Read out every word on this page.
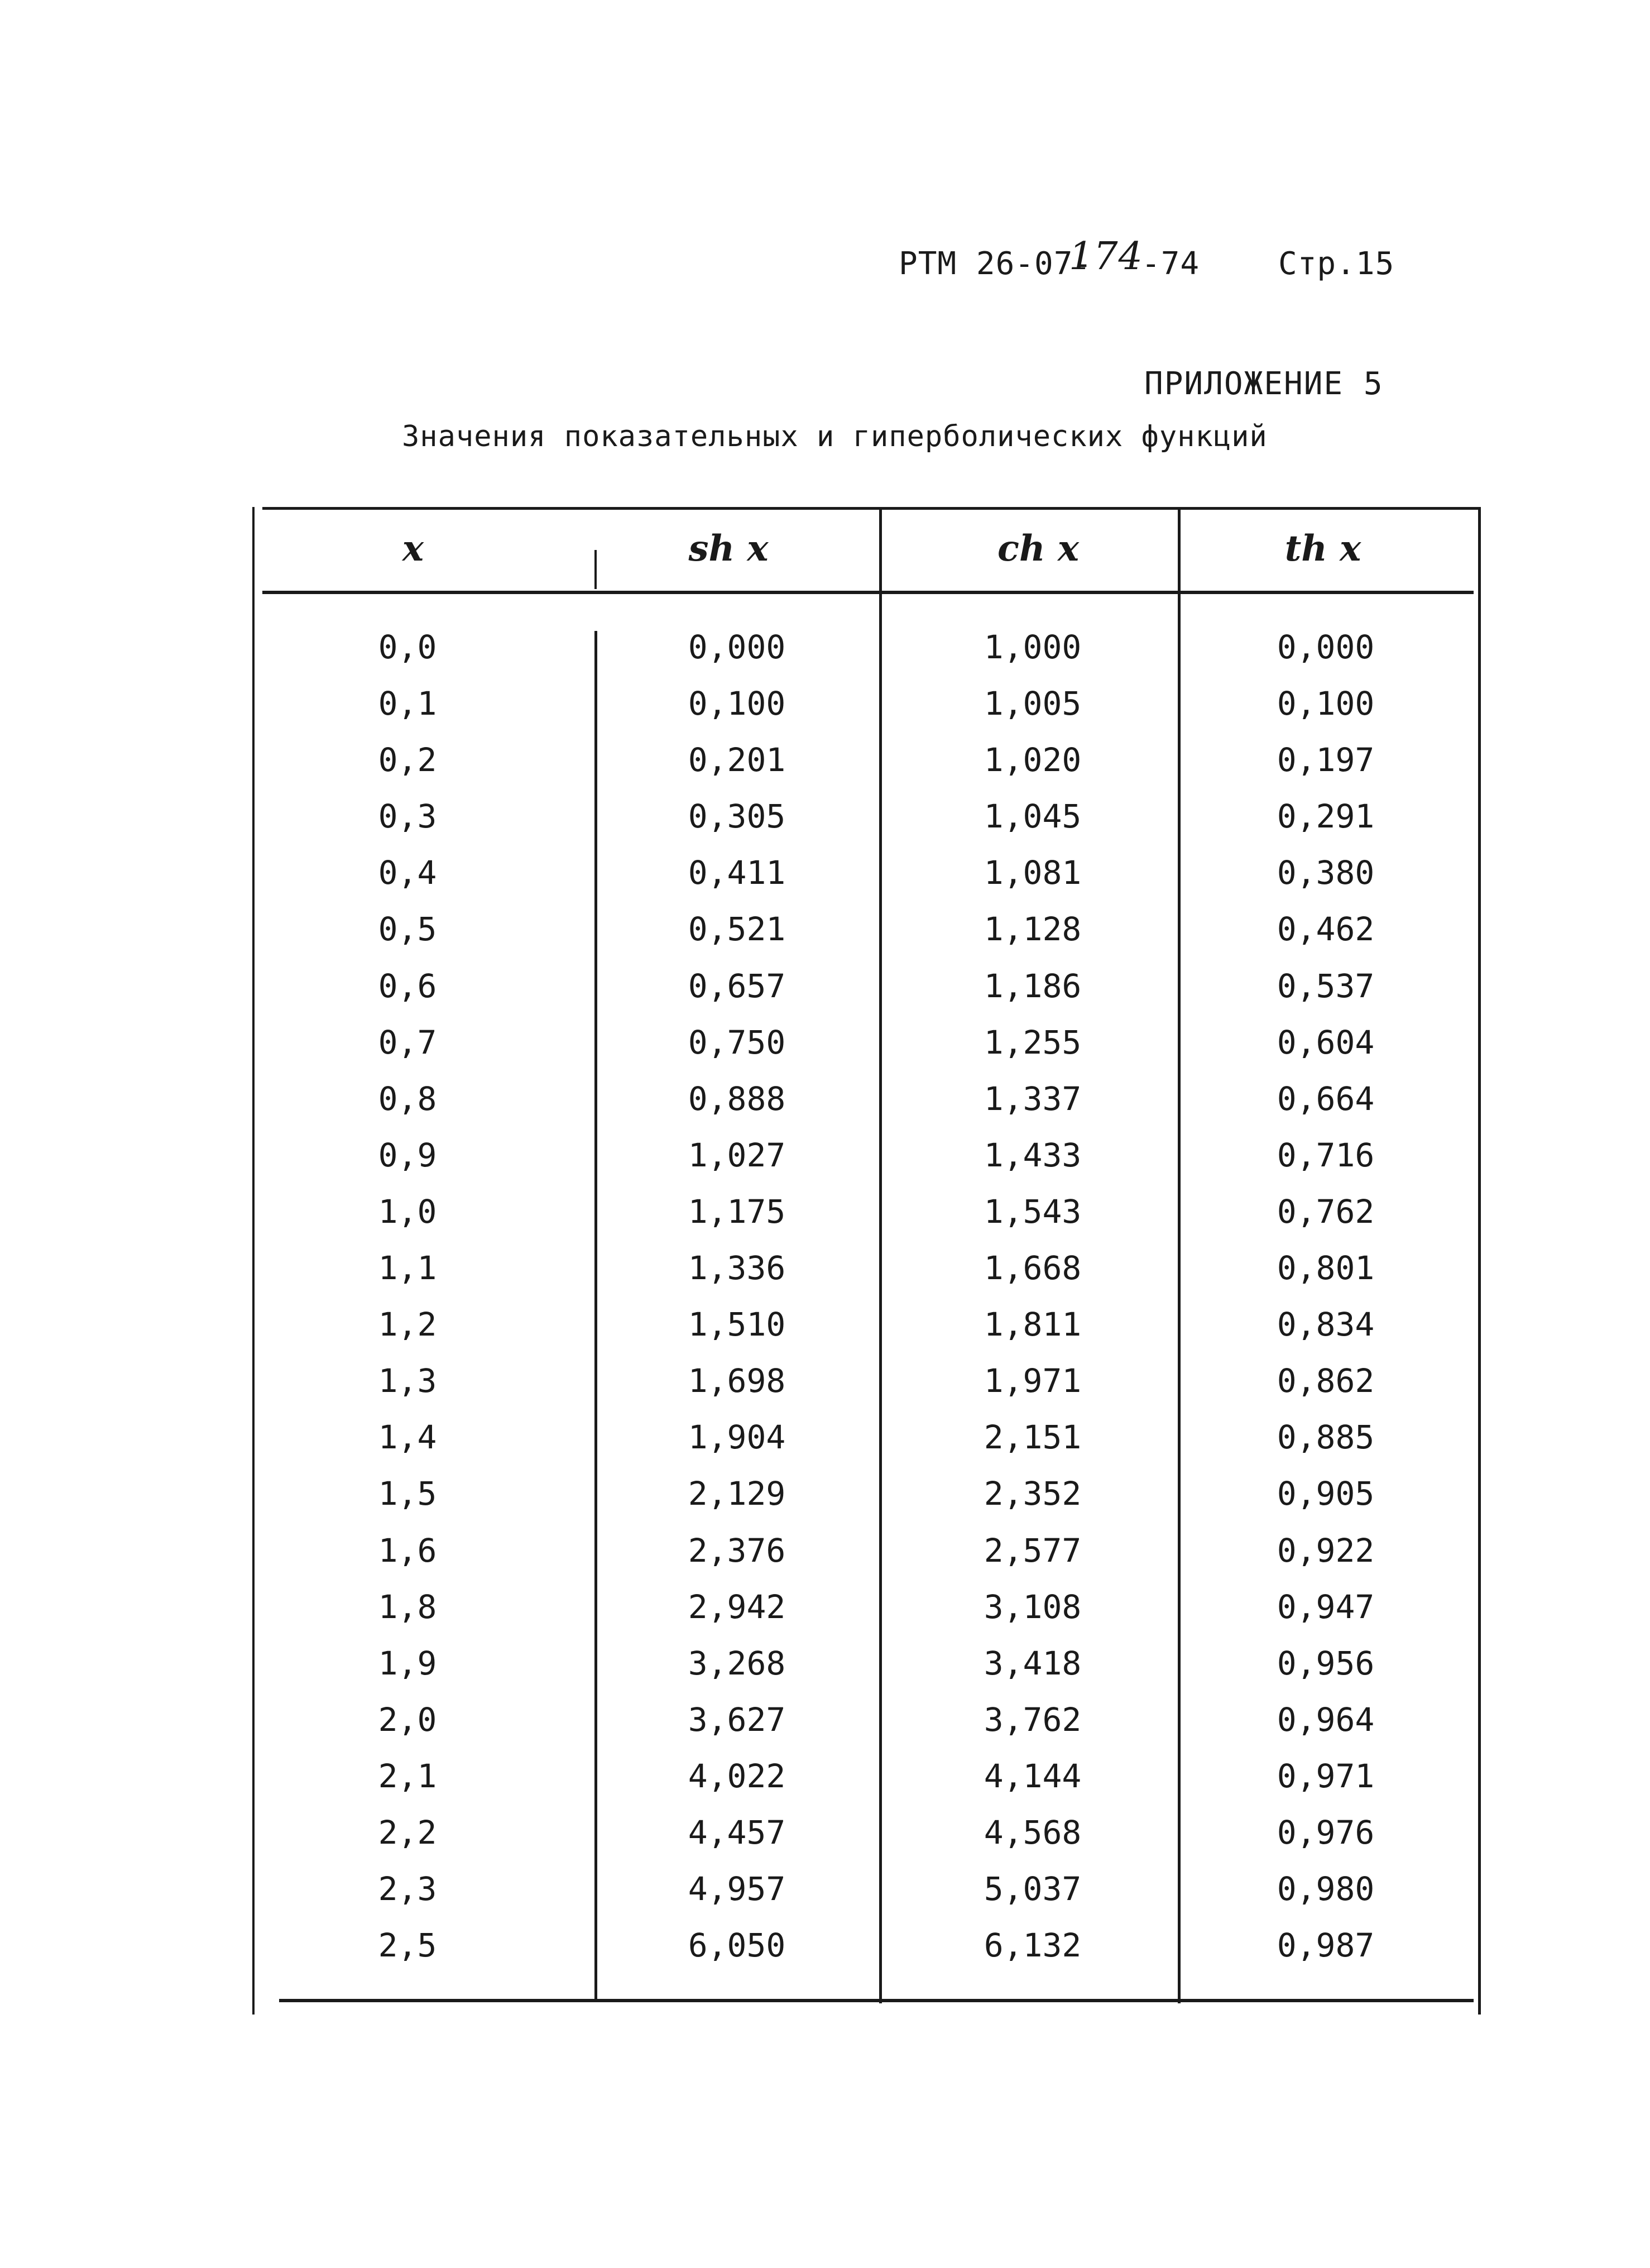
РТМ 26-07-
174
-74	Стр.15
ПРИЛОЖЕНИЕ 5
Значения показательных и гиперболических функций
x	sh x	ch x	th x
0,0	0,000	1,000	0,000
0,1	0,100	1,005	0,100
0,2	0,201	1,020	0,197
0,3	0,305	1,045	0,291
0,4	0,411	1,081	0,380
0,5	0,521	1,128	0,462
0,6	0,657	1,186	0,537
0,7	0,750	1,255	0,604
0,8	0,888	1,337	0,664
0,9	1,027	1,433	0,716
1,0	1,175	1,543	0,762
1,1	1,336	1,668	0,801
1,2	1,510	1,811	0,834
1,3	1,698	1,971	0,862
1,4	1,904	2,151	0,885
1,5	2,129	2,352	0,905
1,6	2,376	2,577	0,922
1,8	2,942	3,108	0,947
1,9	3,268	3,418	0,956
2,0	3,627	3,762	0,964
2,1	4,022	4,144	0,971
2,2	4,457	4,568	0,976
2,3	4,957	5,037	0,980
2,5	6,050	6,132	0,987
